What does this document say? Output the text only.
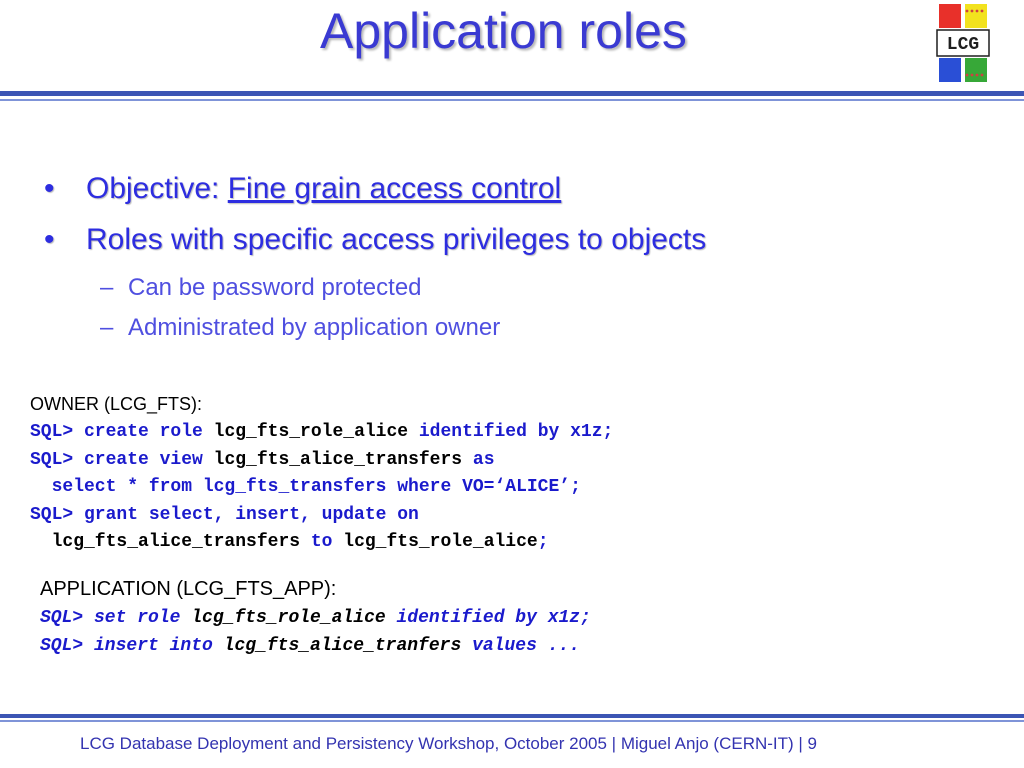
Application roles	LCG
• Objective: Fine grain access control
• Roles with specific access privileges to objects
– Can be password protected
– Administrated by application owner
OWNER (LCG_FTS):
SQL> create role lcg_fts_role_alice identified by x1z;
SQL> create view lcg_fts_alice_transfers as
select * from lcg_fts_transfers where VO=‘ALICE’;
SQL> grant select, insert, update on
lcg_fts_alice_transfers to lcg_fts_role_alice;
APPLICATION (LCG_FTS_APP):
SQL> set role lcg_fts_role_alice identified by x1z;
SQL> insert into lcg_fts_alice_tranfers values ...
LCG Database Deployment and Persistency Workshop, October 2005 | Miguel Anjo (CERN-IT) | 9
